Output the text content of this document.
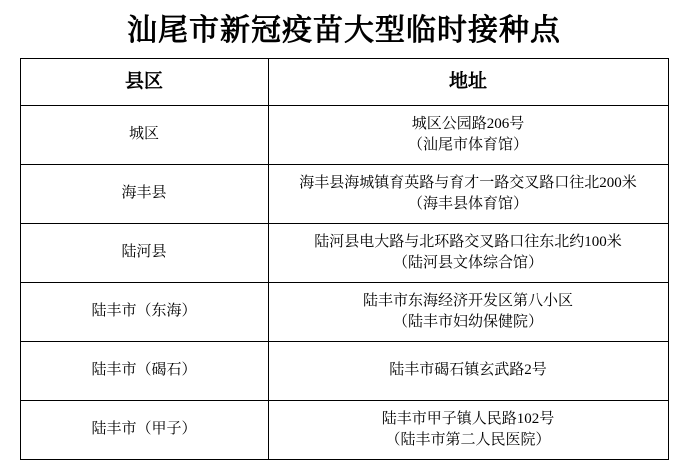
汕尾市新冠疫苗大型临时接种点
县区	地址
城区	城区公园路206号
（汕尾市体育馆）

海丰县	海丰县海城镇育英路与育才一路交叉路口往北200米
（海丰县体育馆）

陆河县	陆河县电大路与北环路交叉路口往东北约100米
（陆河县文体综合馆）

陆丰市（东海）	陆丰市东海经济开发区第八小区
（陆丰市妇幼保健院）

陆丰市（碣石）	陆丰市碣石镇玄武路2号

陆丰市（甲子）	陆丰市甲子镇人民路102号
（陆丰市第二人民医院）
